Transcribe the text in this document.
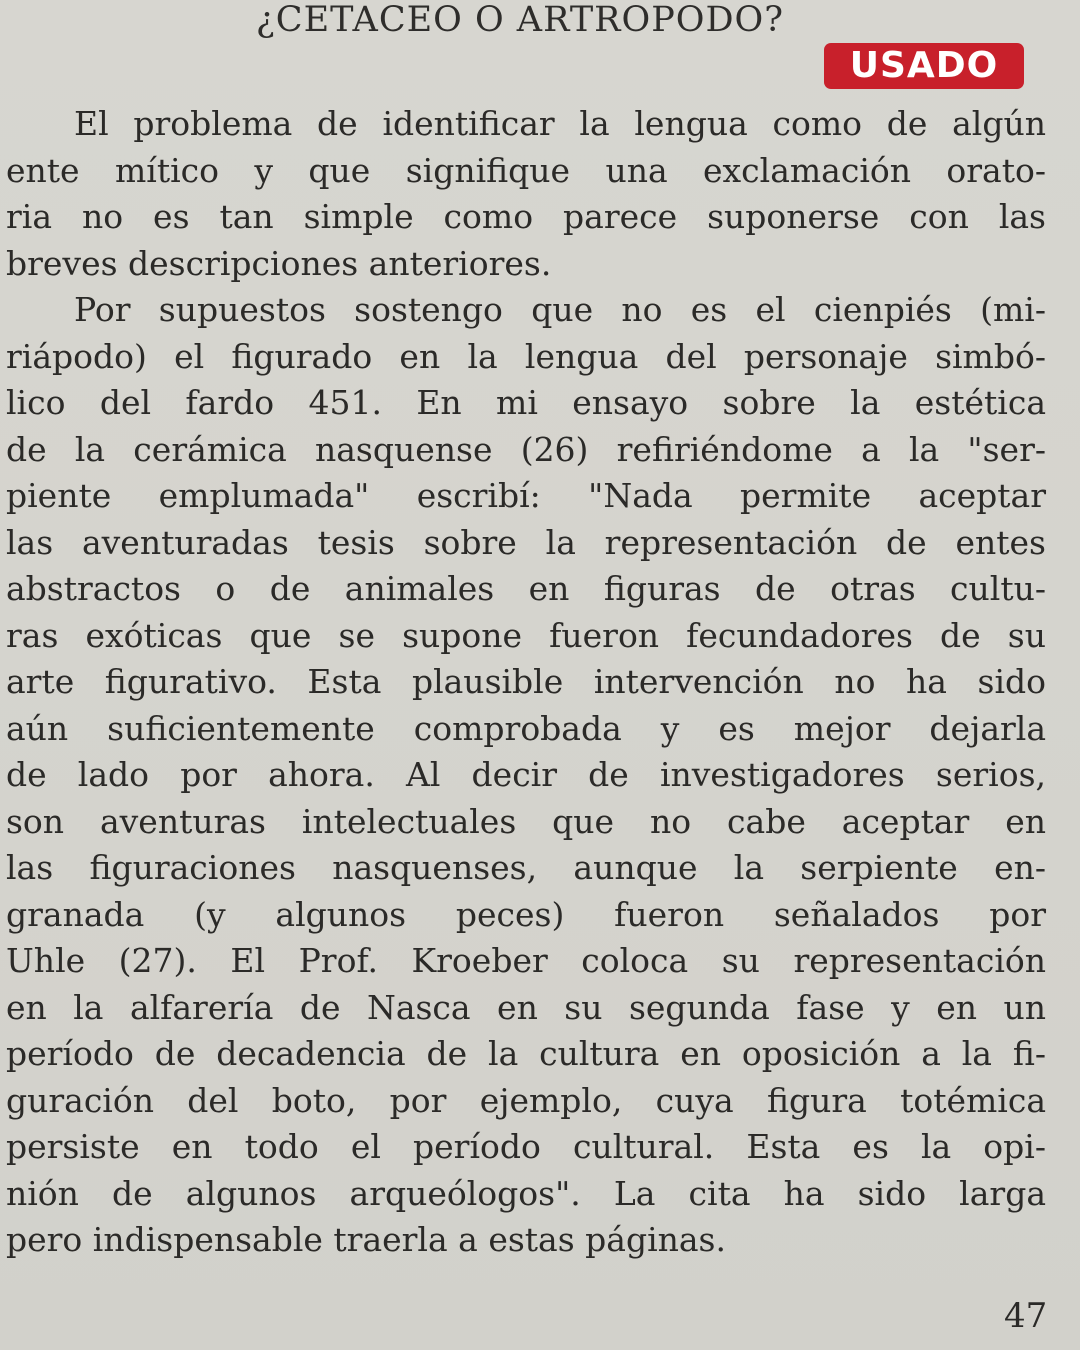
¿CETACEO O ARTROPODO?
USADO
El problema de identificar la lengua como de algún
ente mítico y que signifique una exclamación orato-
ria no es tan simple como parece suponerse con las
breves descripciones anteriores.
Por supuestos sostengo que no es el cienpiés (mi-
riápodo) el figurado en la lengua del personaje simbó-
lico del fardo 451. En mi ensayo sobre la estética
de la cerámica nasquense (26) refiriéndome a la "ser-
piente emplumada" escribí: "Nada permite aceptar
las aventuradas tesis sobre la representación de entes
abstractos o de animales en figuras de otras cultu-
ras exóticas que se supone fueron fecundadores de su
arte figurativo. Esta plausible intervención no ha sido
aún suficientemente comprobada y es mejor dejarla
de lado por ahora. Al decir de investigadores serios,
son aventuras intelectuales que no cabe aceptar en
las figuraciones nasquenses, aunque la serpiente en-
granada (y algunos peces) fueron señalados por
Uhle (27). El Prof. Kroeber coloca su representación
en la alfarería de Nasca en su segunda fase y en un
período de decadencia de la cultura en oposición a la fi-
guración del boto, por ejemplo, cuya figura totémica
persiste en todo el período cultural. Esta es la opi-
nión de algunos arqueólogos". La cita ha sido larga
pero indispensable traerla a estas páginas.
47
